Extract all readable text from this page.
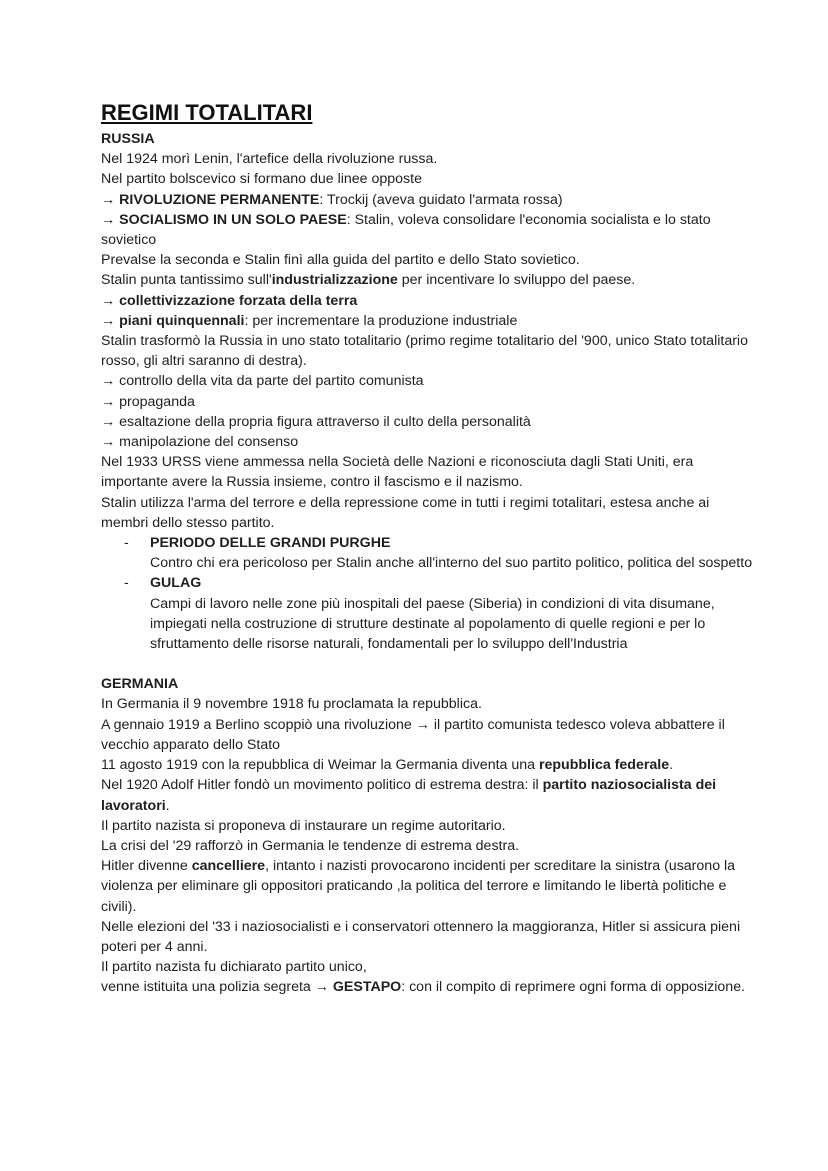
REGIMI TOTALITARI
RUSSIA
Nel 1924 morì Lenin, l'artefice della rivoluzione russa.
Nel partito bolscevico si formano due linee opposte
→ RIVOLUZIONE PERMANENTE: Trockij (aveva guidato l'armata rossa)
→ SOCIALISMO IN UN SOLO PAESE: Stalin, voleva consolidare l'economia socialista e lo stato sovietico
Prevalse la seconda e Stalin finì alla guida del partito e dello Stato sovietico.
Stalin punta tantissimo sull'industrializzazione per incentivare lo sviluppo del paese.
→ collettivizzazione forzata della terra
→ piani quinquennali: per incrementare la produzione industriale
Stalin trasformò la Russia in uno stato totalitario (primo regime totalitario del '900, unico Stato totalitario rosso, gli altri saranno di destra).
→ controllo della vita da parte del partito comunista
→ propaganda
→ esaltazione della propria figura attraverso il culto della personalità
→ manipolazione del consenso
Nel 1933 URSS viene ammessa nella Società delle Nazioni e riconosciuta dagli Stati Uniti, era importante avere la Russia insieme, contro il fascismo e il nazismo.
Stalin utilizza l'arma del terrore e della repressione come in tutti i regimi totalitari, estesa anche ai membri dello stesso partito.
- PERIODO DELLE GRANDI PURGHE
Contro chi era pericoloso per Stalin anche all'interno del suo partito politico, politica del sospetto
- GULAG
Campi di lavoro nelle zone più inospitali del paese (Siberia) in condizioni di vita disumane, impiegati nella costruzione di strutture destinate al popolamento di quelle regioni e per lo sfruttamento delle risorse naturali, fondamentali per lo sviluppo dell'Industria
GERMANIA
In Germania il 9 novembre 1918 fu proclamata la repubblica.
A gennaio 1919 a Berlino scoppiò una rivoluzione → il partito comunista tedesco voleva abbattere il vecchio apparato dello Stato
11 agosto 1919 con la repubblica di Weimar la Germania diventa una repubblica federale.
Nel 1920 Adolf Hitler fondò un movimento politico di estrema destra: il partito naziosocialista dei lavoratori.
Il partito nazista si proponeva di instaurare un regime autoritario.
La crisi del '29 rafforzò in Germania le tendenze di estrema destra.
Hitler divenne cancelliere, intanto i nazisti provocarono incidenti per screditare la sinistra (usarono la violenza per eliminare gli oppositori praticando ,la politica del terrore e limitando le libertà politiche e civili).
Nelle elezioni del '33 i naziosocialisti e i conservatori ottennero la maggioranza, Hitler si assicura pieni poteri per 4 anni.
Il partito nazista fu dichiarato partito unico,
venne istituita una polizia segreta → GESTAPO: con il compito di reprimere ogni forma di opposizione.
